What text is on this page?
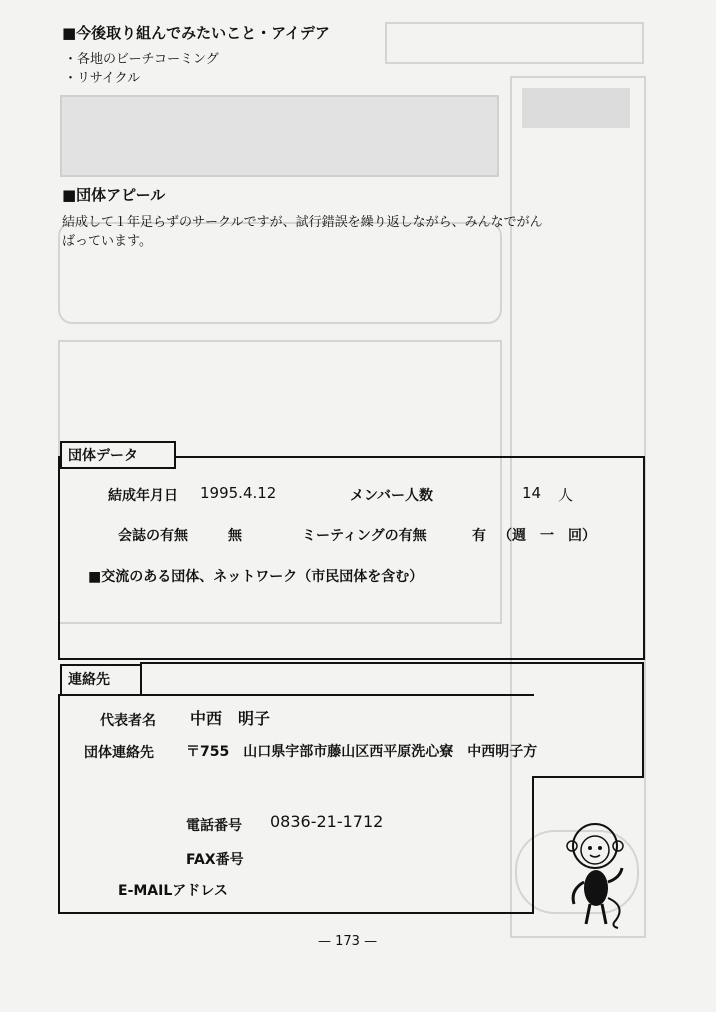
■今後取り組んでみたいこと・アイデア
・各地のビーチコーミング
・リサイクル
■団体アピール
結成して１年足らずのサークルですが、試行錯誤を繰り返しながら、みんなでがん
ばっています。
団体データ
結成年月日 1995.4.12	メンバー人数	14 人
会誌の有無	無	ミーティングの有無	有 （週　一　回）
■交流のある団体、ネットワーク（市民団体を含む）
連絡先
代表者名 中西　明子
団体連絡先 〒755　山口県宇部市藤山区西平原洗心寮　中西明子方
電話番号 0836-21-1712
FAX番号
E-MAILアドレス
— 173 —
